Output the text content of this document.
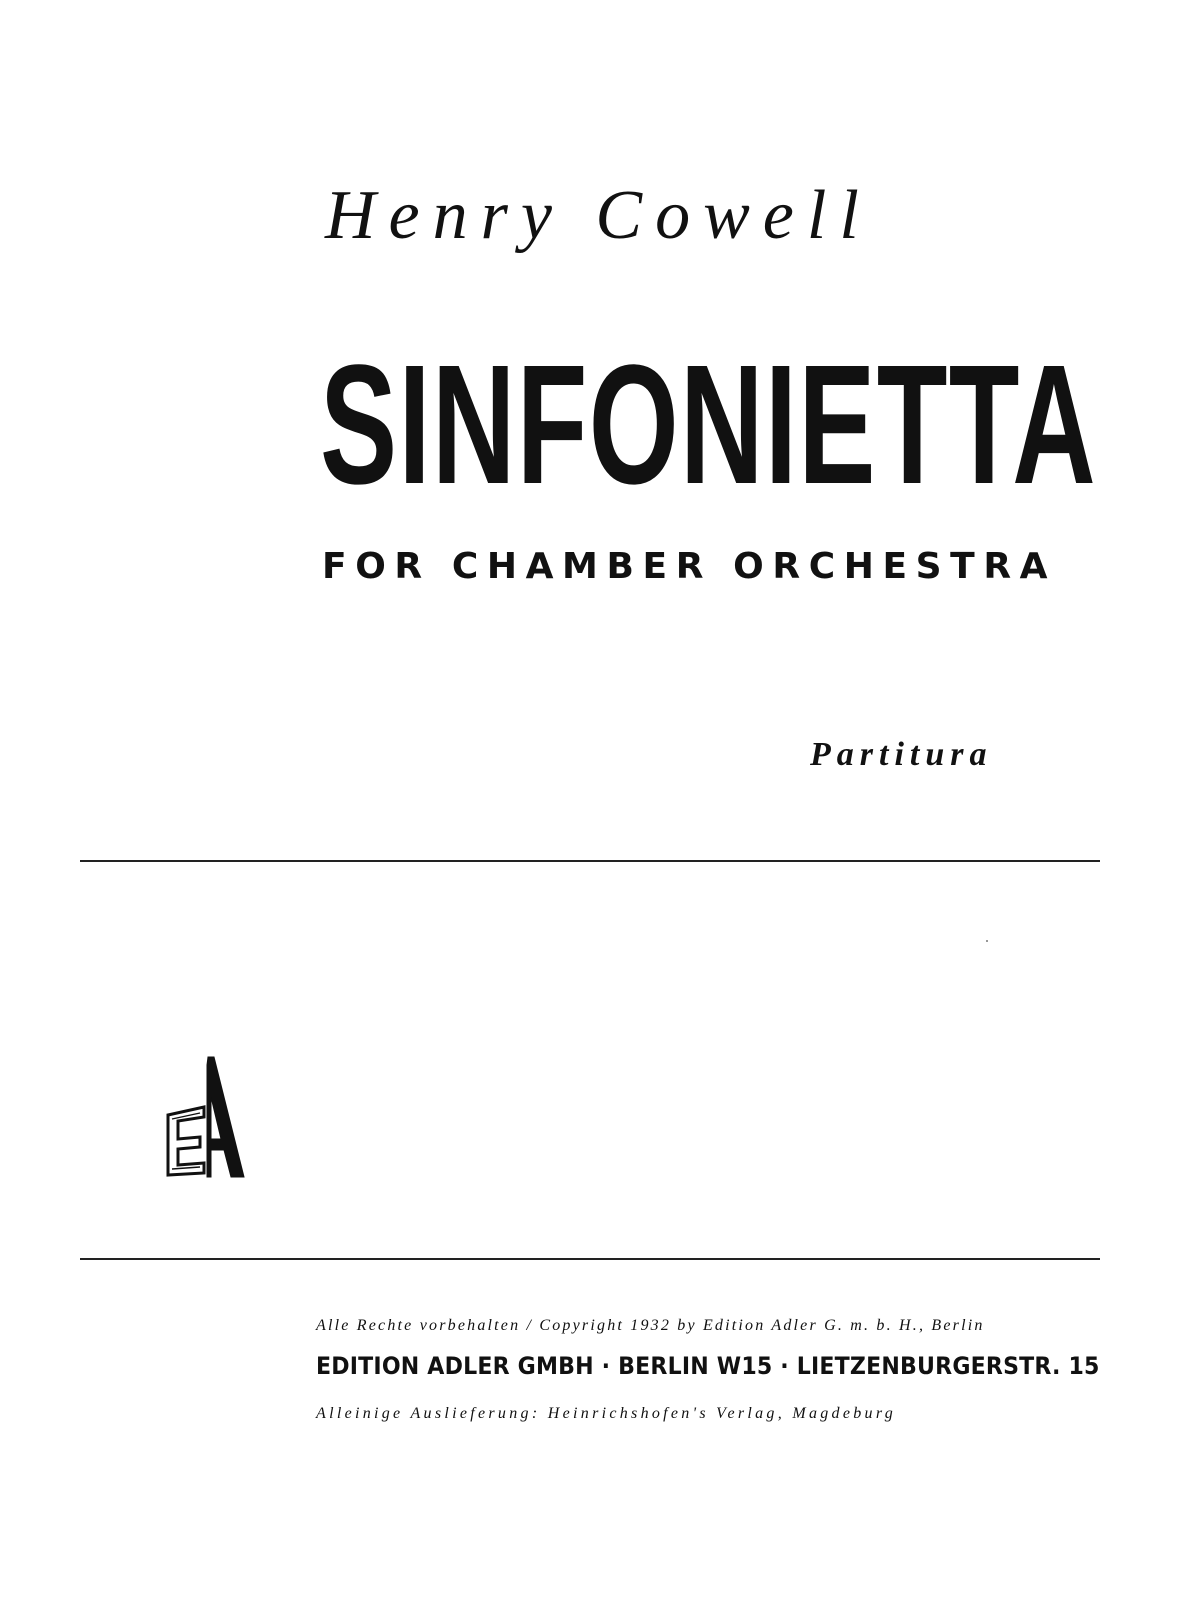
Henry Cowell
SINFONIETTA
FOR CHAMBER ORCHESTRA
Partitura
Alle Rechte vorbehalten / Copyright 1932 by Edition Adler G. m. b. H., Berlin
EDITION ADLER GMBH · BERLIN W15 · LIETZENBURGERSTR. 15
Alleinige Auslieferung: Heinrichshofen's Verlag, Magdeburg
